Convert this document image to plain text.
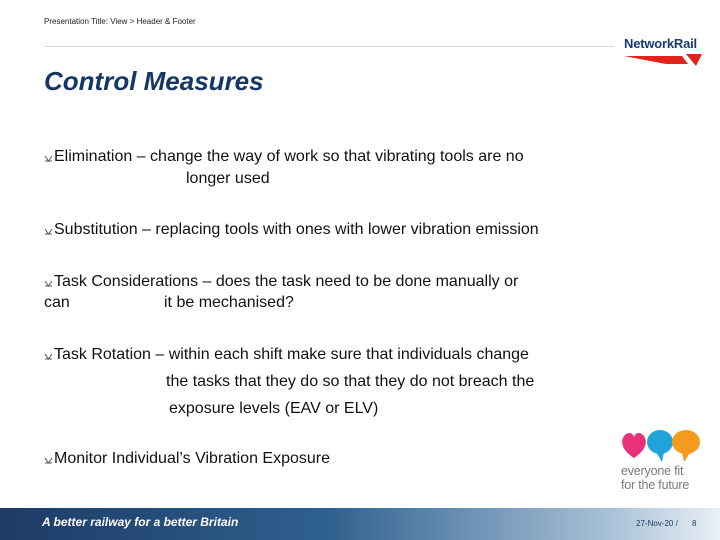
Presentation Title: View > Header & Footer
NetworkRail
Control Measures
Elimination – change the way of work so that vibrating tools are no
longer used
Substitution – replacing tools with ones with lower vibration emission
Task Considerations – does the task need to be done manually or
can	it be mechanised?
Task Rotation – within each shift make sure that individuals change
the tasks that they do so that they do not breach the
exposure levels (EAV or ELV)
Monitor Individual’s Vibration Exposure
everyone fit
for the future
A better railway for a better Britain	27-Nov-20 / 8
